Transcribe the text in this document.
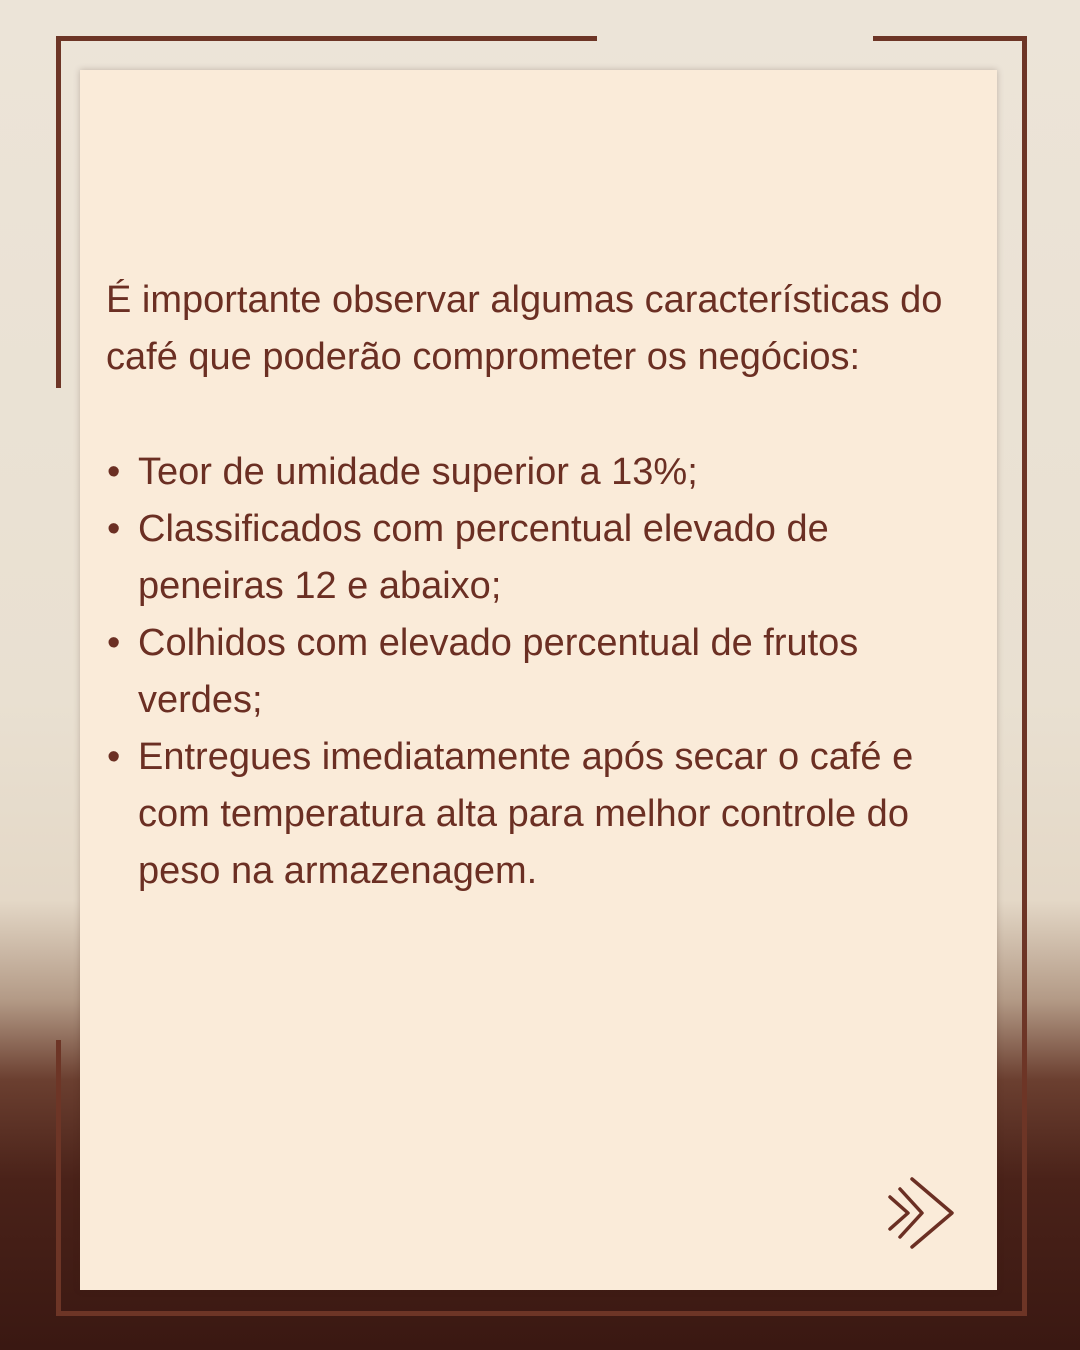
É importante observar algumas características do café que poderão comprometer os negócios:

• Teor de umidade superior a 13%;
• Classificados com percentual elevado de peneiras 12 e abaixo;
• Colhidos com elevado percentual de frutos verdes;
• Entregues imediatamente após secar o café e com temperatura alta para melhor controle do peso na armazenagem.
